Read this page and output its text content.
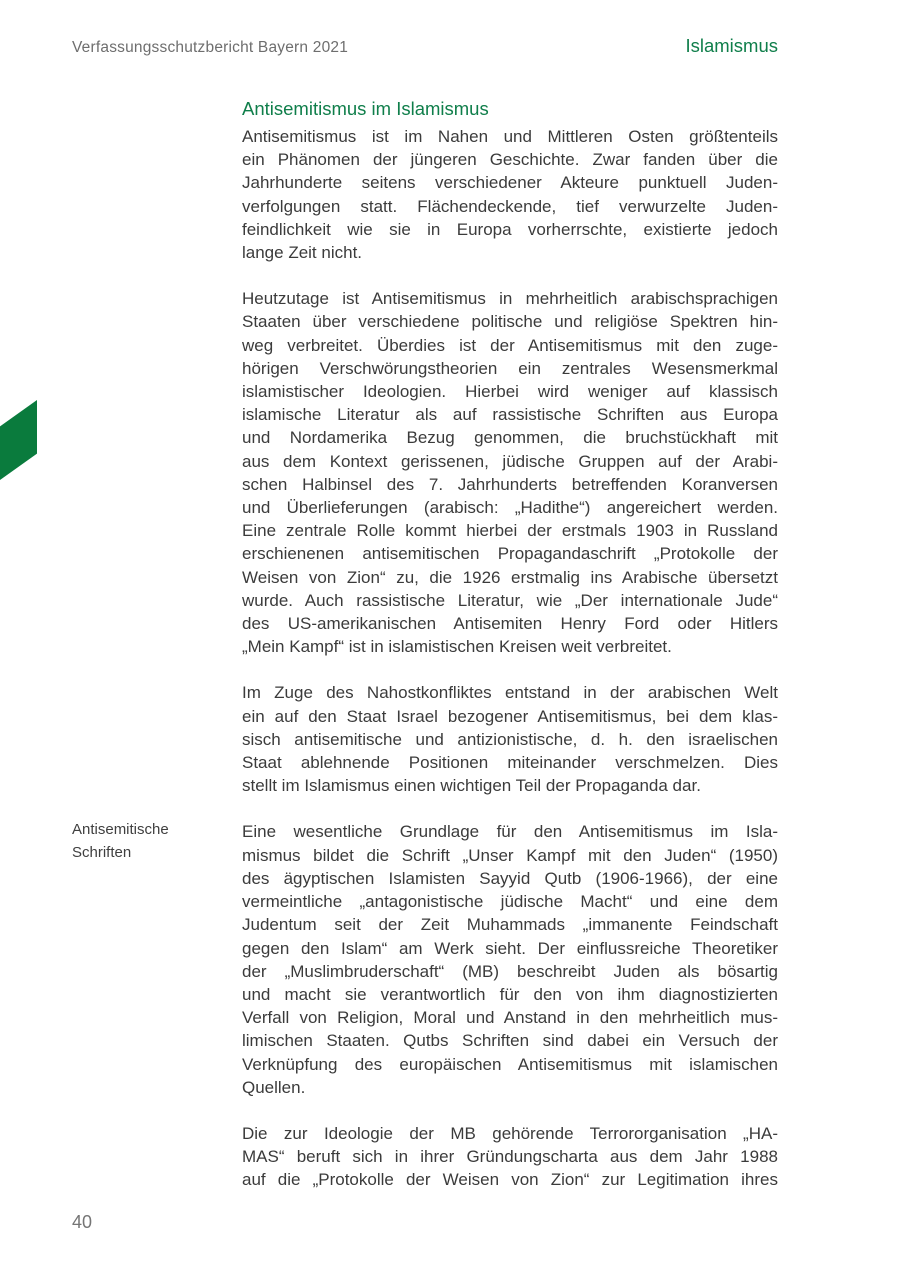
Verfassungsschutzbericht Bayern 2021	Islamismus
Antisemitische
Schriften
Antisemitismus im Islamismus
Antisemitismus ist im Nahen und Mittleren Osten größtenteils
ein Phänomen der jüngeren Geschichte. Zwar fanden über die
Jahrhunderte seitens verschiedener Akteure punktuell Juden-
verfolgungen statt. Flächendeckende, tief verwurzelte Juden-
feindlichkeit wie sie in Europa vorherrschte, existierte jedoch
lange Zeit nicht.
Heutzutage ist Antisemitismus in mehrheitlich arabischsprachigen
Staaten über verschiedene politische und religiöse Spektren hin-
weg verbreitet. Überdies ist der Antisemitismus mit den zuge-
hörigen Verschwörungstheorien ein zentrales Wesensmerkmal
islamistischer Ideologien. Hierbei wird weniger auf klassisch
islamische Literatur als auf rassistische Schriften aus Europa
und Nordamerika Bezug genommen, die bruchstückhaft mit
aus dem Kontext gerissenen, jüdische Gruppen auf der Arabi-
schen Halbinsel des 7. Jahrhunderts betreffenden Koranversen
und Überlieferungen (arabisch: „Hadithe“) angereichert werden.
Eine zentrale Rolle kommt hierbei der erstmals 1903 in Russland
erschienenen antisemitischen Propagandaschrift „Protokolle der
Weisen von Zion“ zu, die 1926 erstmalig ins Arabische übersetzt
wurde. Auch rassistische Literatur, wie „Der internationale Jude“
des US-amerikanischen Antisemiten Henry Ford oder Hitlers
„Mein Kampf“ ist in islamistischen Kreisen weit verbreitet.
Im Zuge des Nahostkonfliktes entstand in der arabischen Welt
ein auf den Staat Israel bezogener Antisemitismus, bei dem klas-
sisch antisemitische und antizionistische, d. h. den israelischen
Staat ablehnende Positionen miteinander verschmelzen. Dies
stellt im Islamismus einen wichtigen Teil der Propaganda dar.
Eine wesentliche Grundlage für den Antisemitismus im Isla-
mismus bildet die Schrift „Unser Kampf mit den Juden“ (1950)
des ägyptischen Islamisten Sayyid Qutb (1906-1966), der eine
vermeintliche „antagonistische jüdische Macht“ und eine dem
Judentum seit der Zeit Muhammads „immanente Feindschaft
gegen den Islam“ am Werk sieht. Der einflussreiche Theoretiker
der „Muslimbruderschaft“ (MB) beschreibt Juden als bösartig
und macht sie verantwortlich für den von ihm diagnostizierten
Verfall von Religion, Moral und Anstand in den mehrheitlich mus-
limischen Staaten. Qutbs Schriften sind dabei ein Versuch der
Verknüpfung des europäischen Antisemitismus mit islamischen
Quellen.
Die zur Ideologie der MB gehörende Terrororganisation „HA-
MAS“ beruft sich in ihrer Gründungscharta aus dem Jahr 1988
auf die „Protokolle der Weisen von Zion“ zur Legitimation ihres
40
